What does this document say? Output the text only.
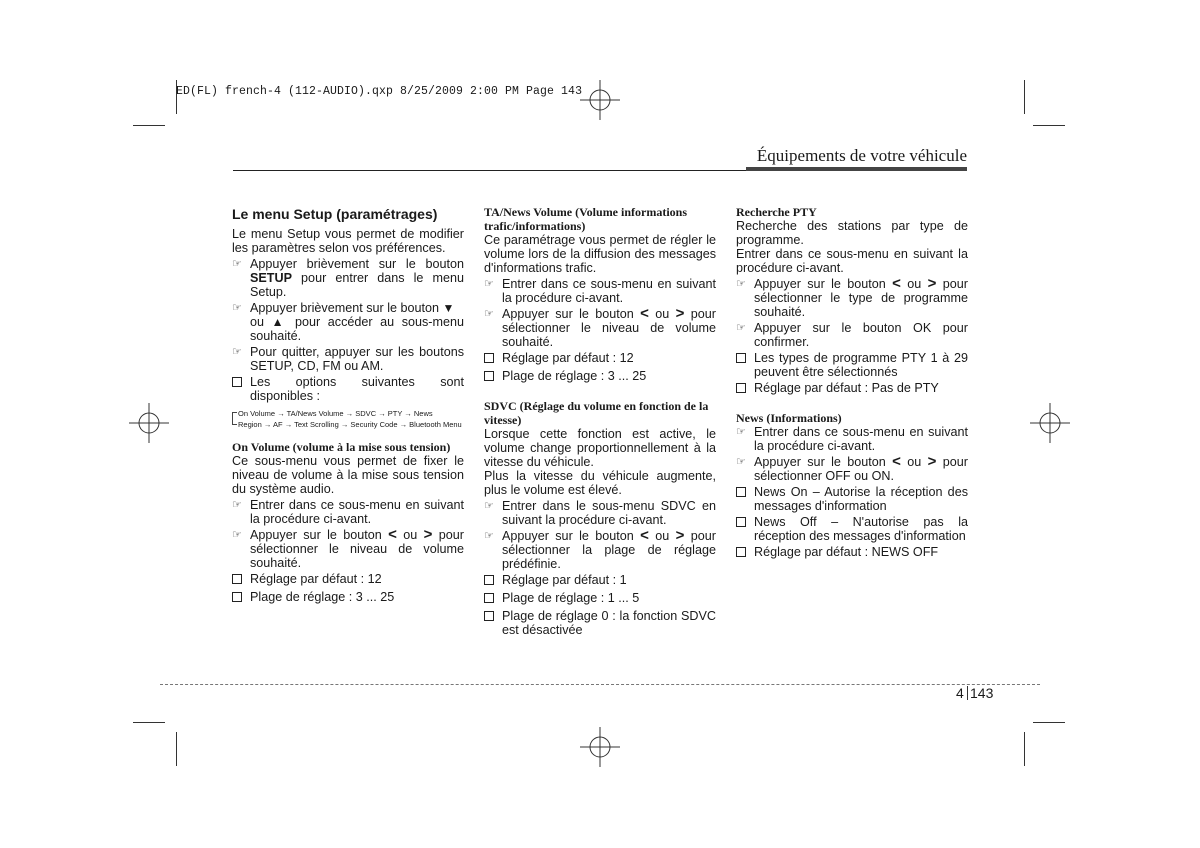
ED(FL) french-4 (112-AUDIO).qxp 8/25/2009 2:00 PM Page 143
Équipements de votre véhicule

Le menu Setup (paramétrages)

Le menu Setup vous permet de modifier les paramètres selon vos préférences.

☞ Appuyer brièvement sur le bouton SETUP pour entrer dans le menu Setup.
☞ Appuyer brièvement sur le bouton ▼
ou ▲ pour accéder au sous-menu souhaité.
☞ Pour quitter, appuyer sur les boutons SETUP, CD, FM ou AM.
Les options suivantes sont disponibles :
On Volume → TA/News Volume → SDVC → PTY → News
Region → AF → Text Scrolling → Security Code → Bluetooth Menu

On Volume (volume à la mise sous tension)

Ce sous-menu vous permet de fixer le niveau de volume à la mise sous tension du système audio.

☞ Entrer dans ce sous-menu en suivant la procédure ci-avant.
☞ Appuyer sur le bouton < ou > pour sélectionner le niveau de volume souhaité.
Réglage par défaut : 12
Plage de réglage : 3 ... 25

TA/News Volume (Volume informations trafic/informations)

Ce paramétrage vous permet de régler le volume lors de la diffusion des messages d'informations trafic.

☞ Entrer dans ce sous-menu en suivant la procédure ci-avant.
☞ Appuyer sur le bouton < ou > pour sélectionner le niveau de volume souhaité.
Réglage par défaut : 12
Plage de réglage : 3 ... 25

SDVC (Réglage du volume en fonction de la vitesse)

Lorsque cette fonction est active, le volume change proportionnellement à la vitesse du véhicule.

Plus la vitesse du véhicule augmente, plus le volume est élevé.

☞ Entrer dans le sous-menu SDVC en suivant la procédure ci-avant.
☞ Appuyer sur le bouton < ou > pour sélectionner la plage de réglage prédéfinie.
Réglage par défaut : 1
Plage de réglage : 1 ... 5
Plage de réglage 0 : la fonction SDVC est désactivée

Recherche PTY

Recherche des stations par type de programme.

Entrer dans ce sous-menu en suivant la procédure ci-avant.

☞ Appuyer sur le bouton < ou > pour sélectionner le type de programme souhaité.
☞ Appuyer sur le bouton OK pour confirmer.
Les types de programme PTY 1 à 29 peuvent être sélectionnés
Réglage par défaut : Pas de PTY

News (Informations)

☞ Entrer dans ce sous-menu en suivant la procédure ci-avant.
☞ Appuyer sur le bouton < ou > pour sélectionner OFF ou ON.
News On – Autorise la réception des messages d'information
News Off – N'autorise pas la réception des messages d'information
Réglage par défaut : NEWS OFF
4 143
